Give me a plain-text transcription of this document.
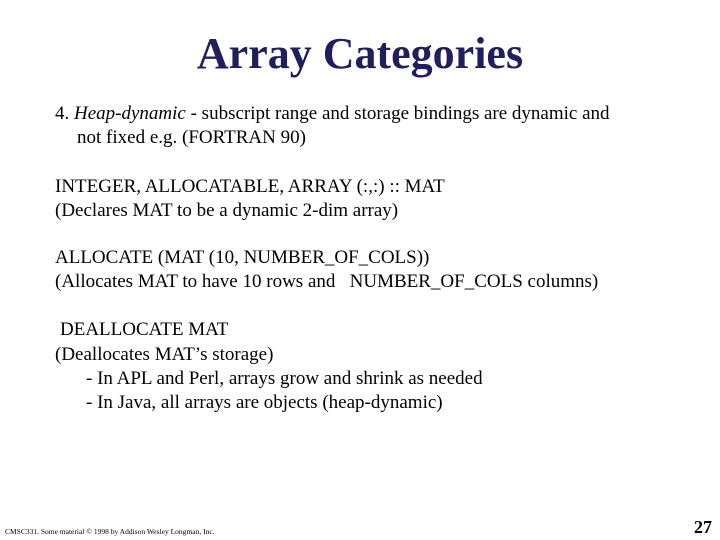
Array Categories

4. Heap-dynamic - subscript range and storage bindings are dynamic and

not fixed e.g. (FORTRAN 90)

INTEGER, ALLOCATABLE, ARRAY (:,:) :: MAT

(Declares MAT to be a dynamic 2-dim array)

ALLOCATE (MAT (10, NUMBER_OF_COLS))

(Allocates MAT to have 10 rows and   NUMBER_OF_COLS columns)

DEALLOCATE MAT

(Deallocates MAT’s storage)

- In APL and Perl, arrays grow and shrink as needed

- In Java, all arrays are objects (heap-dynamic)

CMSC331. Some material © 1998 by Addison Wesley Longman, Inc.	27
